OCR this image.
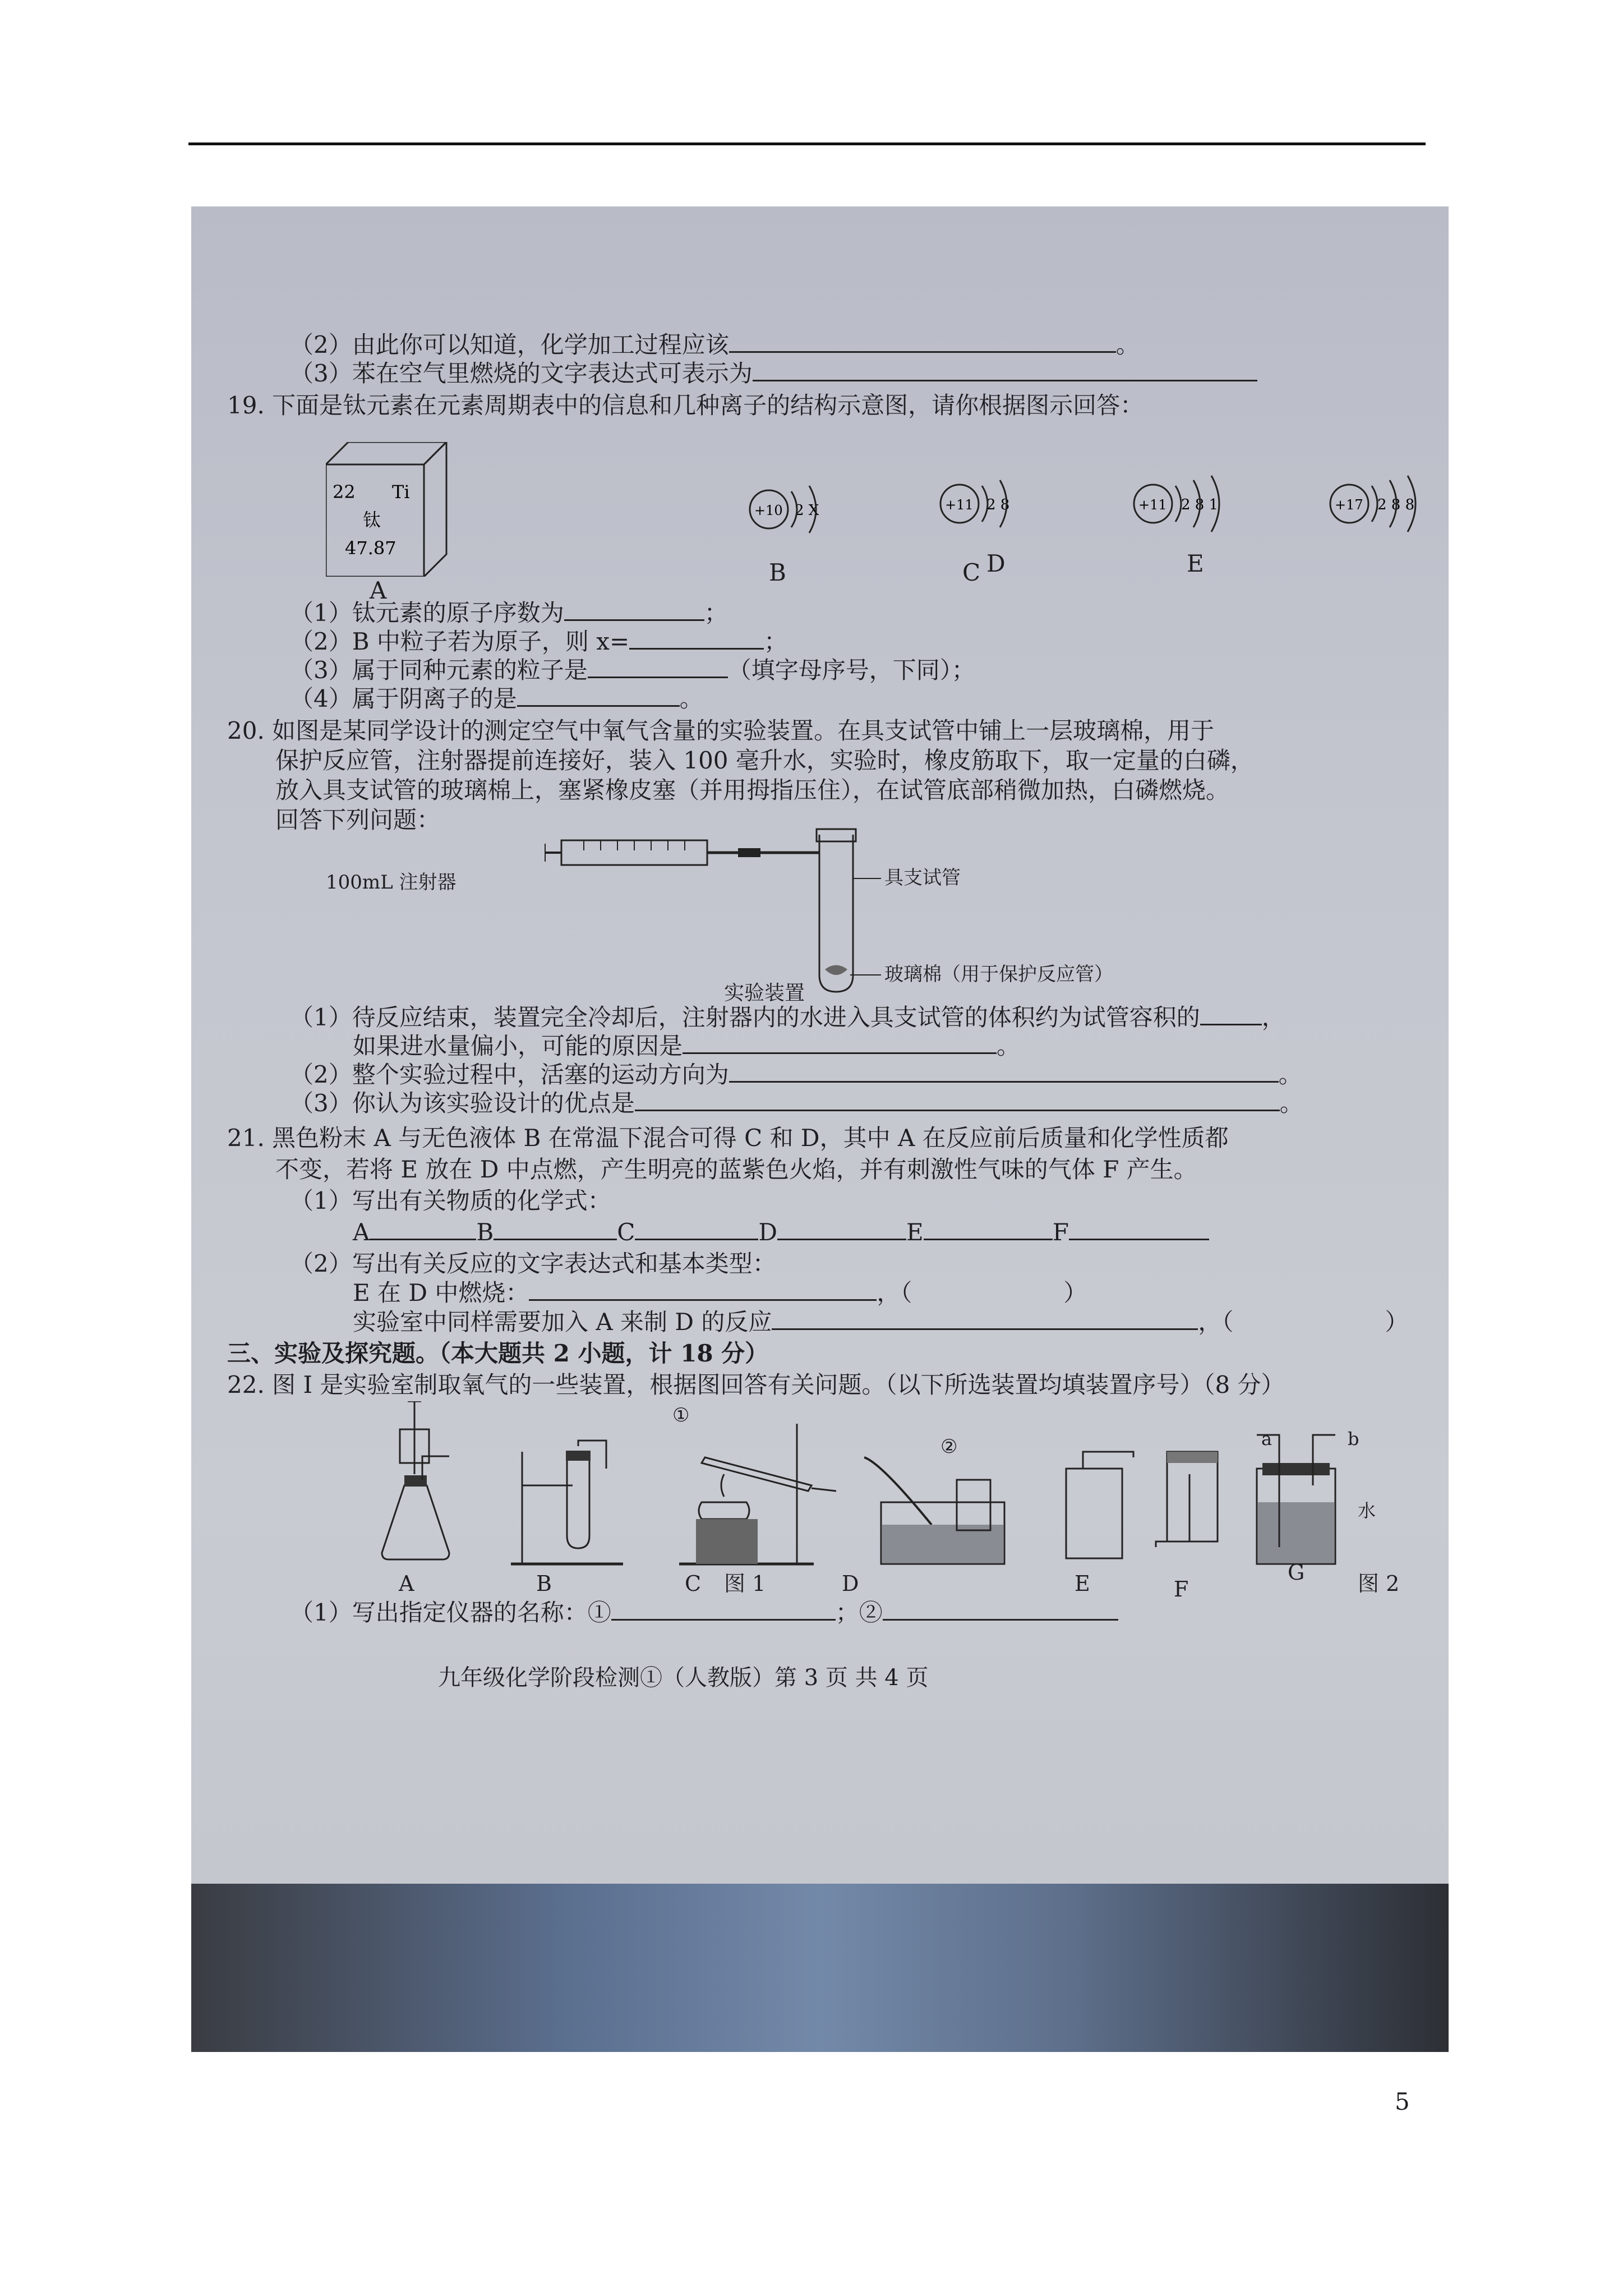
（2）由此你可以知道，化学加工过程应该	。
（3）苯在空气里燃烧的文字表达式可表示为
19. 下面是钛元素在元素周期表中的信息和几种离子的结构示意图，请你根据图示回答：
22 Ti
钛
47.87
+10 2 X	+11 2 8	+11 2 8 1	+17 2 8 8
A
B	C D	E
（1）钛元素的原子序数为	；
（2）B 中粒子若为原子，则 x=	；
（3）属于同种元素的粒子是	（填字母序号，下同）；
（4）属于阴离子的是	。
20. 如图是某同学设计的测定空气中氧气含量的实验装置。在具支试管中铺上一层玻璃棉，用于
保护反应管，注射器提前连接好，装入 100 毫升水，实验时，橡皮筋取下，取一定量的白磷，
放入具支试管的玻璃棉上，塞紧橡皮塞（并用拇指压住），在试管底部稍微加热，白磷燃烧。
回答下列问题：
100mL 注射器	具支试管
玻璃棉（用于保护反应管）
实验装置
（1）待反应结束，装置完全冷却后，注射器内的水进入具支试管的体积约为试管容积的	，
如果进水量偏小，可能的原因是	。
（2）整个实验过程中，活塞的运动方向为	。
（3）你认为该实验设计的优点是	。
21. 黑色粉末 A 与无色液体 B 在常温下混合可得 C 和 D，其中 A 在反应前后质量和化学性质都
不变，若将 E 放在 D 中点燃，产生明亮的蓝紫色火焰，并有刺激性气味的气体 F 产生。
（1）写出有关物质的化学式：
A	B	C	D	E	F
（2）写出有关反应的文字表达式和基本类型：
E 在 D 中燃烧：	，（	）
实验室中同样需要加入 A 来制 D 的反应	，（	）
三、实验及探究题。（本大题共 2 小题，计 18 分）
22. 图 I 是实验室制取氧气的一些装置，根据图回答有关问题。（以下所选装置均填装置序号）（8 分）
A	B	C	D	E	F
G
图 1	图 2
①
②	a	b
水
（1）写出指定仪器的名称：①	；②
九年级化学阶段检测①（人教版）第 3 页 共 4 页
5
